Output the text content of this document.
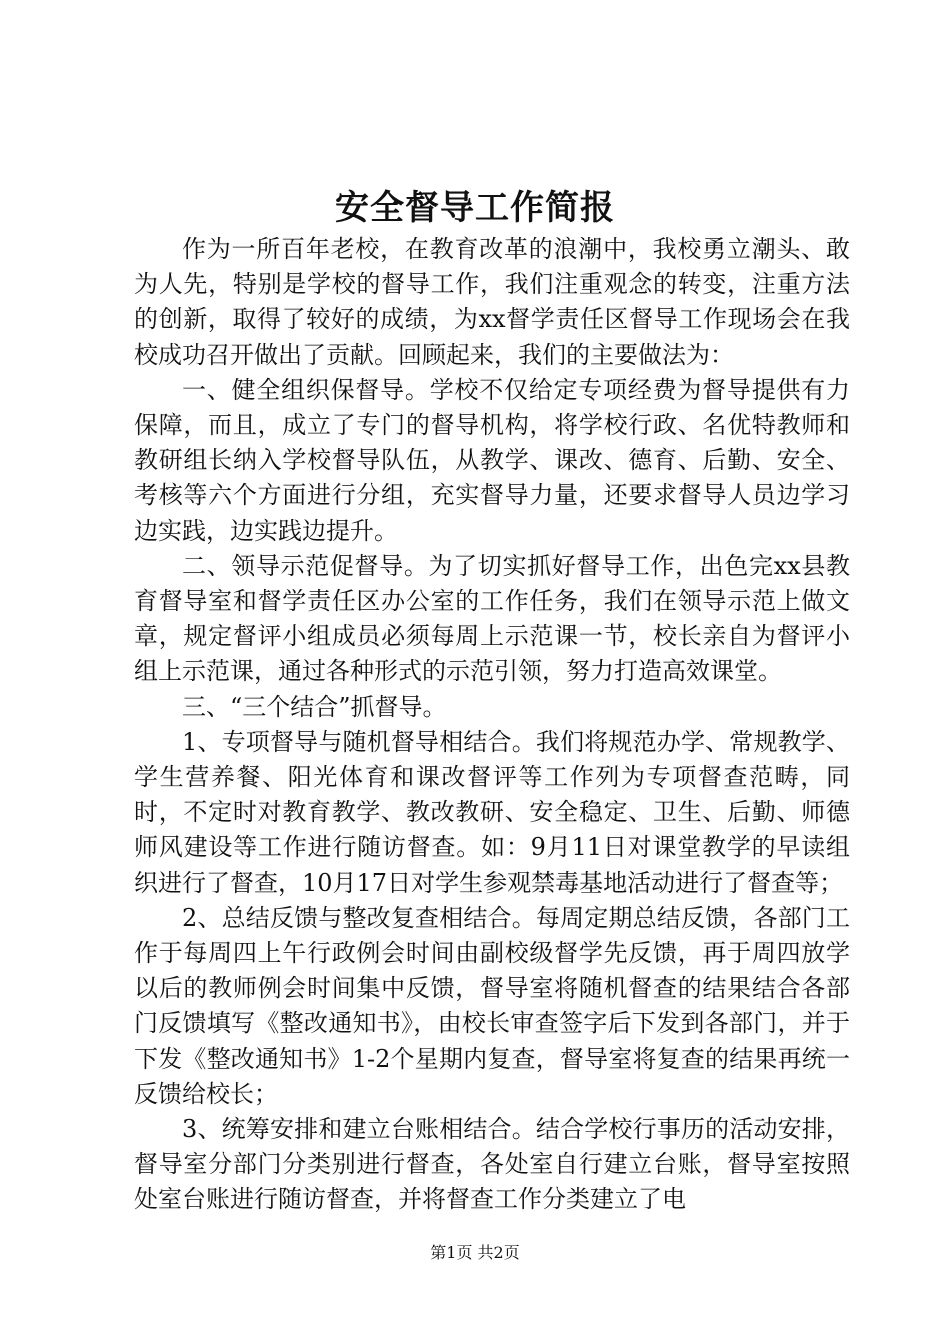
安全督导工作简报

作为一所百年老校，在教育改革的浪潮中，我校勇立潮头、敢为人先，特别是学校的督导工作，我们注重观念的转变，注重方法的创新，取得了较好的成绩，为xx督学责任区督导工作现场会在我校成功召开做出了贡献。回顾起来，我们的主要做法为：

一、健全组织保督导。学校不仅给定专项经费为督导提供有力保障，而且，成立了专门的督导机构，将学校行政、名优特教师和教研组长纳入学校督导队伍，从教学、课改、德育、后勤、安全、考核等六个方面进行分组，充实督导力量，还要求督导人员边学习边实践，边实践边提升。

二、领导示范促督导。为了切实抓好督导工作，出色完xx县教育督导室和督学责任区办公室的工作任务，我们在领导示范上做文章，规定督评小组成员必须每周上示范课一节，校长亲自为督评小组上示范课，通过各种形式的示范引领，努力打造高效课堂。

三、“三个结合”抓督导。

1、专项督导与随机督导相结合。我们将规范办学、常规教学、学生营养餐、阳光体育和课改督评等工作列为专项督查范畴，同时，不定时对教育教学、教改教研、安全稳定、卫生、后勤、师德师风建设等工作进行随访督查。如：9月11日对课堂教学的早读组织进行了督查，10月17日对学生参观禁毒基地活动进行了督查等；

2、总结反馈与整改复查相结合。每周定期总结反馈，各部门工作于每周四上午行政例会时间由副校级督学先反馈，再于周四放学以后的教师例会时间集中反馈，督导室将随机督查的结果结合各部门反馈填写《整改通知书》，由校长审查签字后下发到各部门，并于下发《整改通知书》1-2个星期内复查，督导室将复查的结果再统一反馈给校长；

3、统筹安排和建立台账相结合。结合学校行事历的活动安排，督导室分部门分类别进行督查，各处室自行建立台账，督导室按照处室台账进行随访督查，并将督查工作分类建立了电

第1页 共2页
